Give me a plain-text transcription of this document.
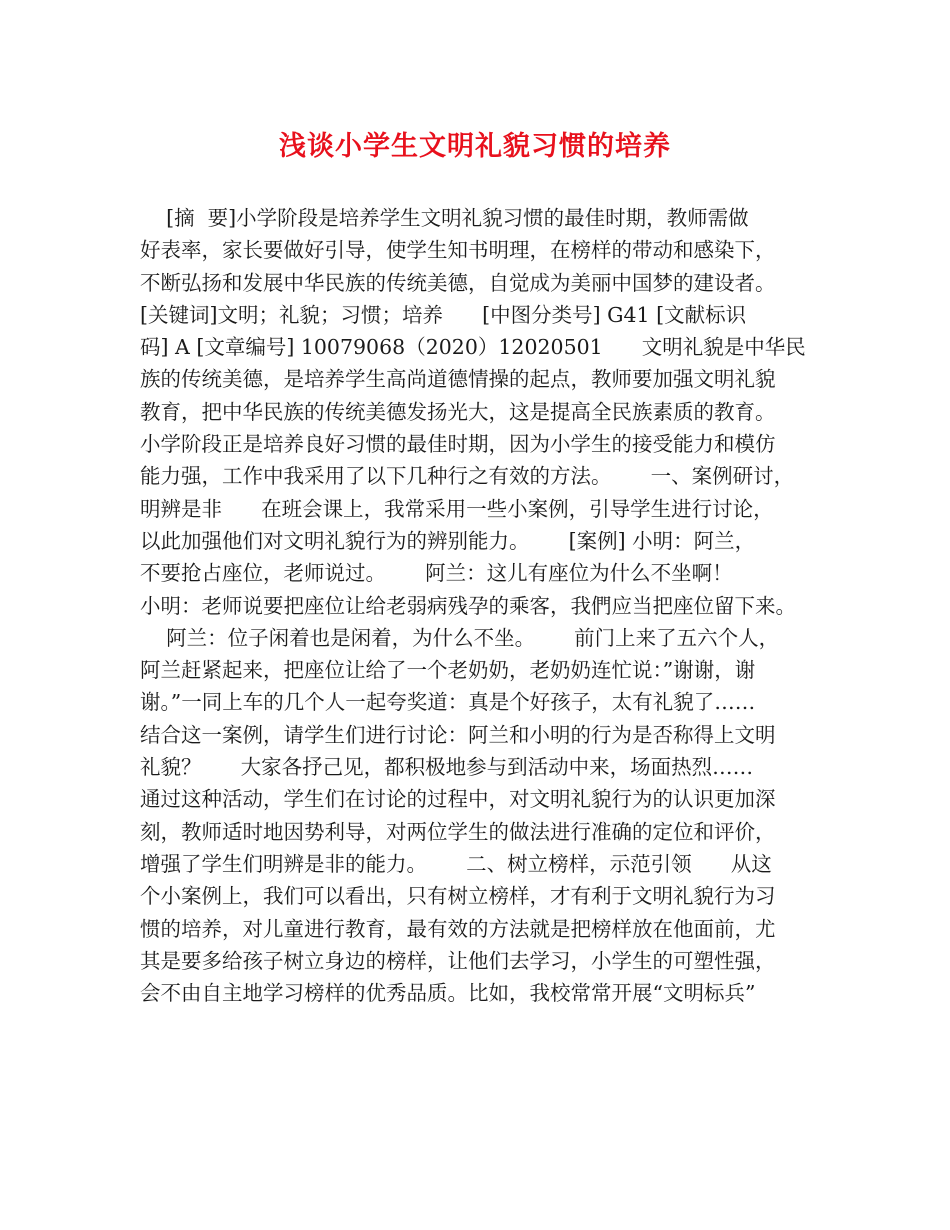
浅谈小学生文明礼貌习惯的培养
[摘  要]小学阶段是培养学生文明礼貌习惯的最佳时期，教师需做
好表率，家长要做好引导，使学生知书明理，在榜样的带动和感染下，
不断弘扬和发展中华民族的传统美德，自觉成为美丽中国梦的建设者。
[关键词]文明；礼貌；习惯；培养      [中图分类号] G41 [文献标识
码] A [文章编号] 10079068（2020）12020501      文明礼貌是中华民
族的传统美德，是培养学生高尚道德情操的起点，教师要加强文明礼貌
教育，把中华民族的传统美德发扬光大，这是提高全民族素质的教育。
小学阶段正是培养良好习惯的最佳时期，因为小学生的接受能力和模仿
能力强，工作中我采用了以下几种行之有效的方法。      一、案例研讨，
明辨是非      在班会课上，我常采用一些小案例，引导学生进行讨论，
以此加强他们对文明礼貌行为的辨别能力。      [案例] 小明：阿兰，
不要抢占座位，老师说过。      阿兰：这儿有座位为什么不坐啊！
小明：老师说要把座位让给老弱病残孕的乘客，我們应当把座位留下来。
阿兰：位子闲着也是闲着，为什么不坐。      前门上来了五六个人，
阿兰赶紧起来，把座位让给了一个老奶奶，老奶奶连忙说：”谢谢，谢
谢。”一同上车的几个人一起夸奖道：真是个好孩子，太有礼貌了……
结合这一案例，请学生们进行讨论：阿兰和小明的行为是否称得上文明
礼貌？      大家各抒己见，都积极地参与到活动中来，场面热烈……
通过这种活动，学生们在讨论的过程中，对文明礼貌行为的认识更加深
刻，教师适时地因势利导，对两位学生的做法进行准确的定位和评价，
增强了学生们明辨是非的能力。      二、树立榜样，示范引领      从这
个小案例上，我们可以看出，只有树立榜样，才有利于文明礼貌行为习
惯的培养，对儿童进行教育，最有效的方法就是把榜样放在他面前，尤
其是要多给孩子树立身边的榜样，让他们去学习，小学生的可塑性强，
会不由自主地学习榜样的优秀品质。比如，我校常常开展“文明标兵”
